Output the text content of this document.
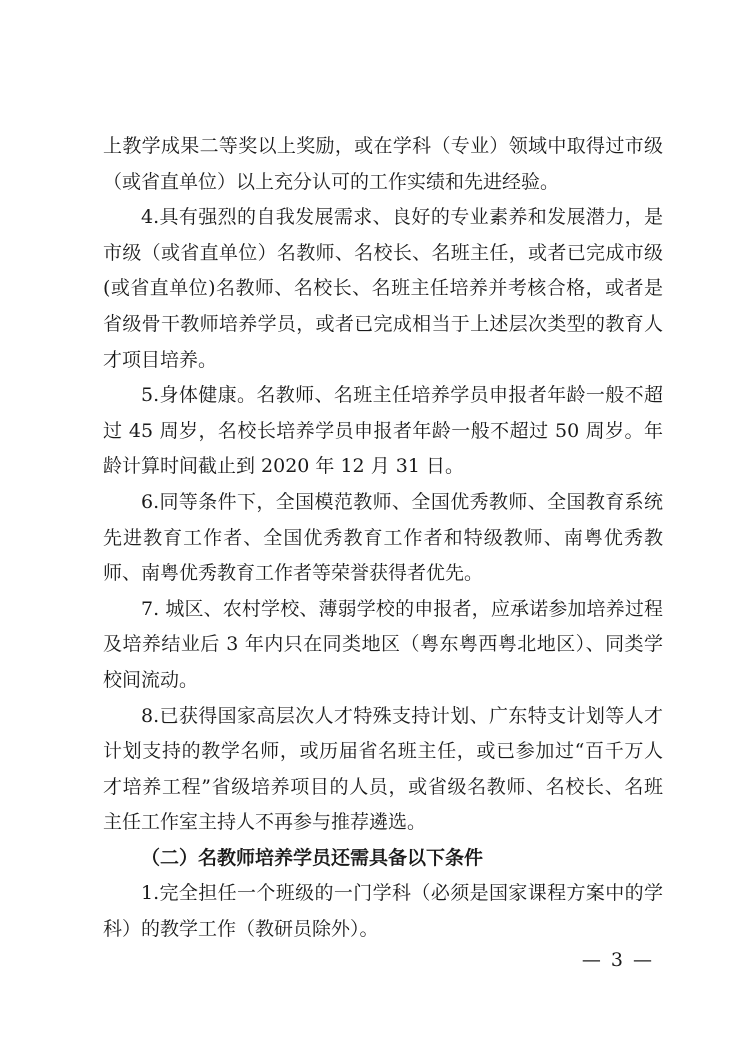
上教学成果二等奖以上奖励，或在学科（专业）领域中取得过市级（或省直单位）以上充分认可的工作实绩和先进经验。

4.具有强烈的自我发展需求、良好的专业素养和发展潜力，是市级（或省直单位）名教师、名校长、名班主任，或者已完成市级(或省直单位)名教师、名校长、名班主任培养并考核合格，或者是省级骨干教师培养学员，或者已完成相当于上述层次类型的教育人才项目培养。

5.身体健康。名教师、名班主任培养学员申报者年龄一般不超过 45 周岁，名校长培养学员申报者年龄一般不超过 50 周岁。年龄计算时间截止到 2020 年 12 月 31 日。

6.同等条件下，全国模范教师、全国优秀教师、全国教育系统先进教育工作者、全国优秀教育工作者和特级教师、南粤优秀教师、南粤优秀教育工作者等荣誉获得者优先。

7. 城区、农村学校、薄弱学校的申报者，应承诺参加培养过程及培养结业后 3 年内只在同类地区（粤东粤西粤北地区）、同类学校间流动。

8.已获得国家高层次人才特殊支持计划、广东特支计划等人才计划支持的教学名师，或历届省名班主任，或已参加过“百千万人才培养工程”省级培养项目的人员，或省级名教师、名校长、名班主任工作室主持人不再参与推荐遴选。

（二）名教师培养学员还需具备以下条件

1.完全担任一个班级的一门学科（必须是国家课程方案中的学科）的教学工作（教研员除外）。

— 3 —
